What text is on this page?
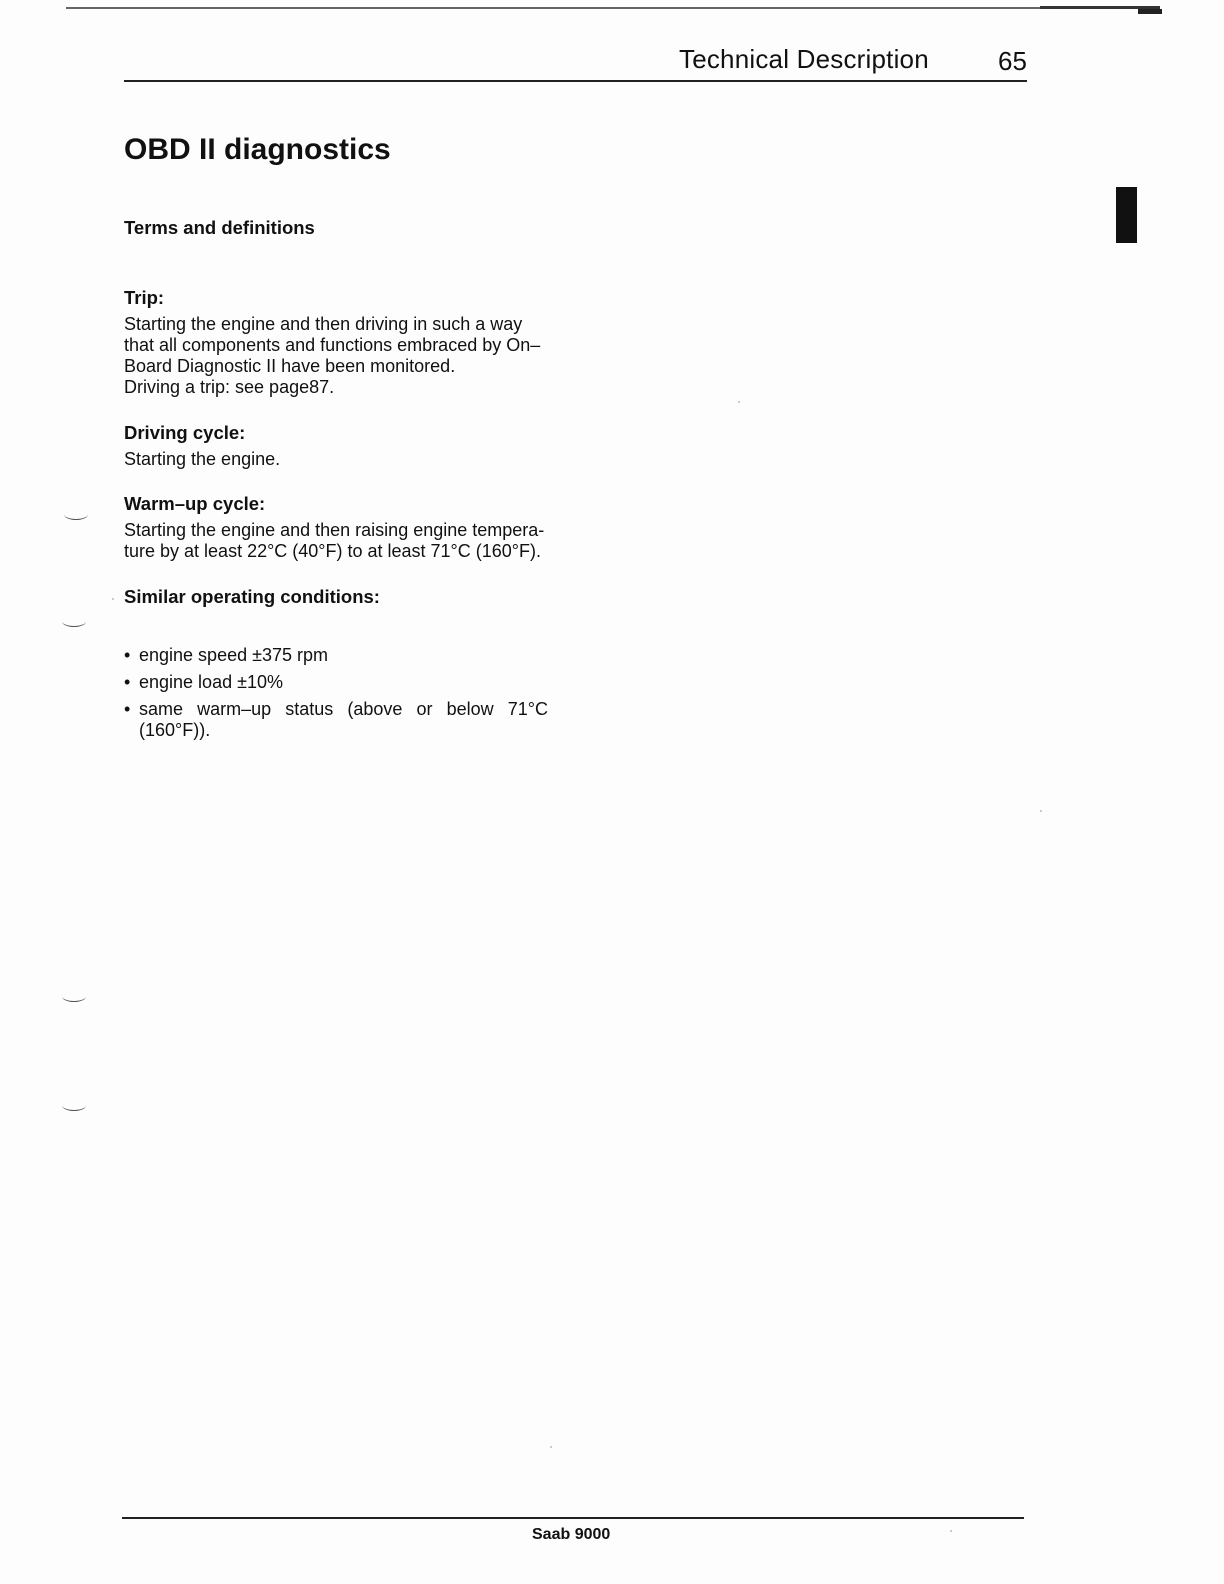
Technical Description	65
OBD II diagnostics
Terms and definitions
Trip:
Starting the engine and then driving in such a way
that all components and functions embraced by On–
Board Diagnostic II have been monitored.
Driving a trip: see page87.
Driving cycle:
Starting the engine.
Warm–up cycle:
Starting the engine and then raising engine tempera-
ture by at least 22°C (40°F) to at least 71°C (160°F).
Similar operating conditions:
• engine speed ±375 rpm
• engine load ±10%
• same warm–up status (above or below 71°C (160°F)).
Saab 9000
